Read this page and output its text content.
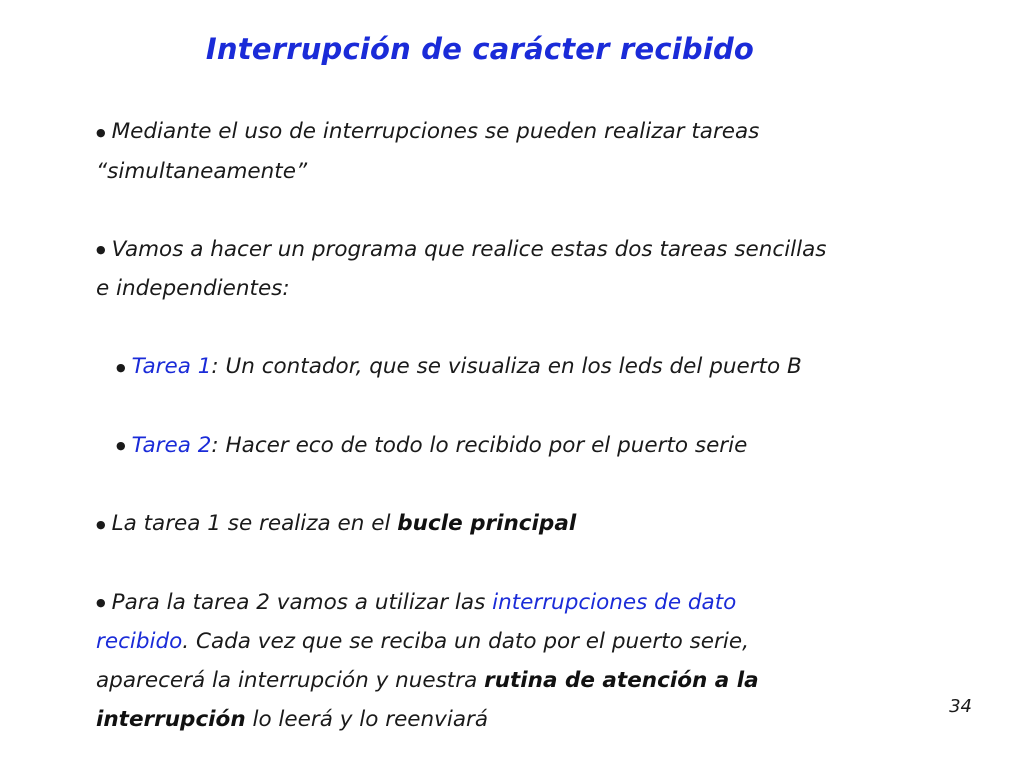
Interrupción de carácter recibido

● Mediante el uso de interrupciones se pueden realizar tareas
“simultaneamente”

● Vamos a hacer un programa que realice estas dos tareas sencillas
e independientes:

● Tarea 1: Un contador, que se visualiza en los leds del puerto B

● Tarea 2: Hacer eco de todo lo recibido por el puerto serie

● La tarea 1 se realiza en el bucle principal

● Para la tarea 2 vamos a utilizar las interrupciones de dato
recibido. Cada vez que se reciba un dato por el puerto serie,
aparecerá la interrupción y nuestra rutina de atención a la
interrupción lo leerá y lo reenviará

34
